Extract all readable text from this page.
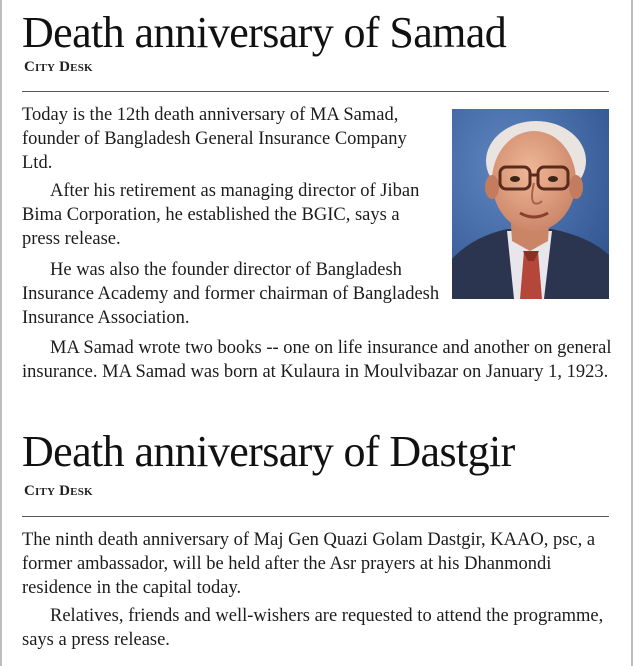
Death anniversary of Samad
City Desk

Today is the 12th death anniversary of MA Samad, founder of Bangladesh General Insurance Company Ltd.

After his retirement as managing director of Jiban Bima Corporation, he established the BGIC, says a press release.

He was also the founder director of Bangladesh Insurance Academy and former chairman of Bangladesh Insurance Association.

MA Samad wrote two books -- one on life insurance and another on general insurance. MA Samad was born at Kulaura in Moulvibazar on January 1, 1923.

Death anniversary of Dastgir
City Desk

The ninth death anniversary of Maj Gen Quazi Golam Dastgir, KAAO, psc, a former ambassador, will be held after the Asr prayers at his Dhanmondi residence in the capital today.

Relatives, friends and well-wishers are requested to attend the programme, says a press release.
